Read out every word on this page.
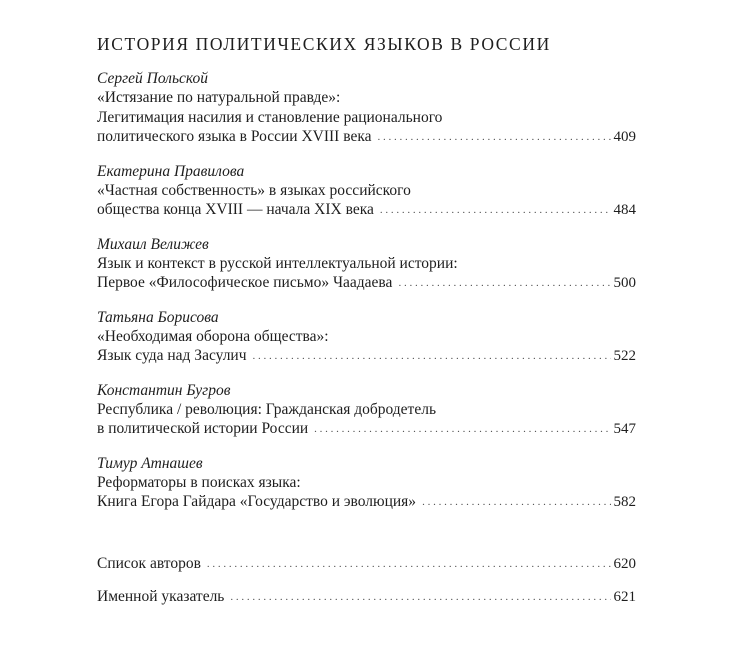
ИСТОРИЯ ПОЛИТИЧЕСКИХ ЯЗЫКОВ В РОССИИ
Сергей Польской
«Истязание по натуральной правде»:
Легитимация насилия и становление рационального
политического языка в России XVIII века . . .	409
Екатерина Правилова
«Частная собственность» в языках российского
общества конца XVIII — начала XIX века . . .	484
Михаил Велижев
Язык и контекст в русской интеллектуальной истории:
Первое «Философическое письмо» Чаадаева . . .	500
Татьяна Борисова
«Необходимая оборона общества»:
Язык суда над Засулич . . .	522
Константин Бугров
Республика / революция: Гражданская добродетель
в политической истории России . . .	547
Тимур Атнашев
Реформаторы в поисках языка:
Книга Егора Гайдара «Государство и эволюция» . . .	582
Список авторов . . .	620
Именной указатель . . .	621
